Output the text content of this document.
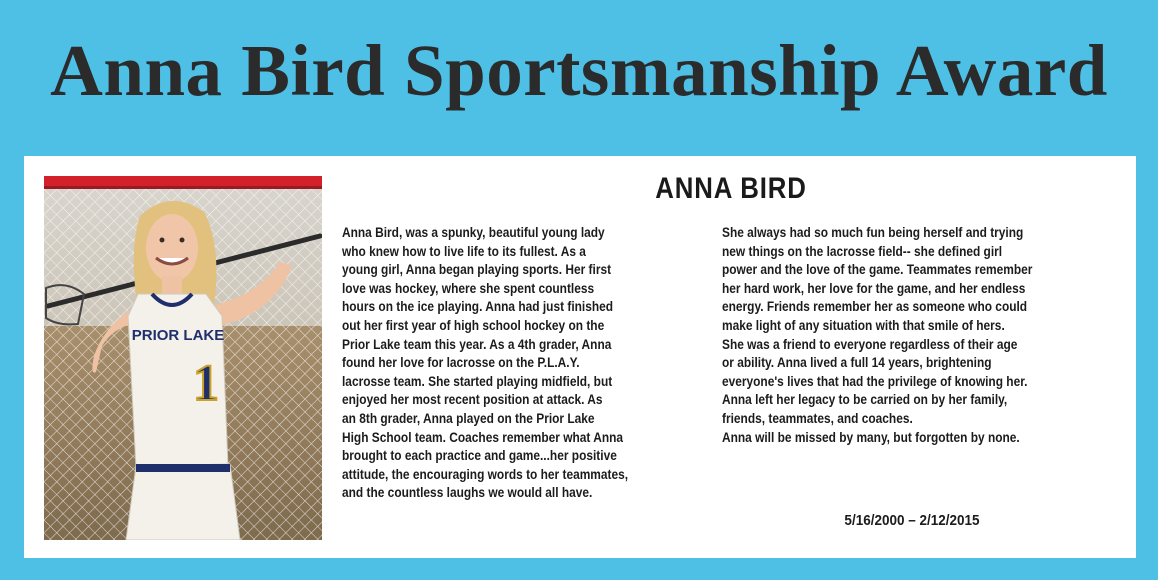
Anna Bird Sportsmanship Award
PRIOR LAKE
1
ANNA BIRD

Anna Bird, was a spunky, beautiful young lady
who knew how to live life to its fullest. As a
young girl, Anna began playing sports. Her first
love was hockey, where she spent countless
hours on the ice playing. Anna had just finished
out her first year of high school hockey on the
Prior Lake team this year. As a 4th grader, Anna
found her love for lacrosse on the P.L.A.Y.
lacrosse team. She started playing midfield, but
enjoyed her most recent position at attack. As
an 8th grader, Anna played on the Prior Lake
High School team. Coaches remember what Anna
brought to each practice and game...her positive
attitude, the encouraging words to her teammates,
and the countless laughs we would all have.

She always had so much fun being herself and trying
new things on the lacrosse field-- she defined girl
power and the love of the game. Teammates remember
her hard work, her love for the game, and her endless
energy. Friends remember her as someone who could
make light of any situation with that smile of hers.
She was a friend to everyone regardless of their age
or ability. Anna lived a full 14 years, brightening
everyone's lives that had the privilege of knowing her.
Anna left her legacy to be carried on by her family,
friends, teammates, and coaches.
Anna will be missed by many, but forgotten by none.

5/16/2000 – 2/12/2015
